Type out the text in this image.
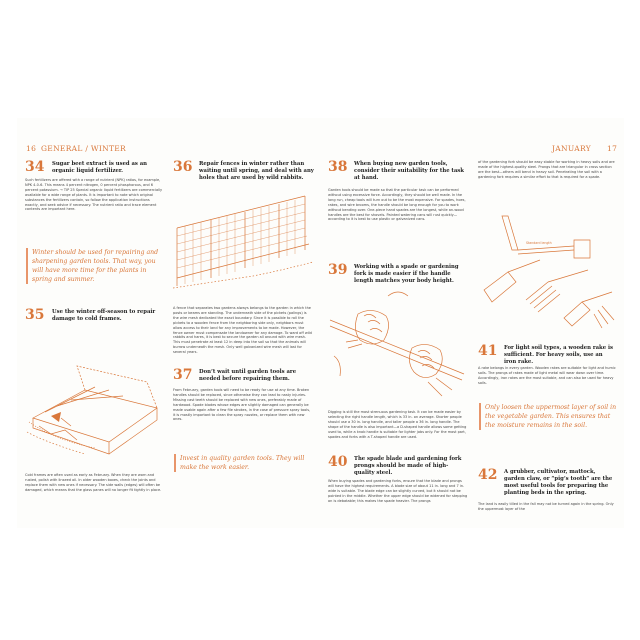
16 GENERAL / WINTER
34 Sugar beet extract is used as an organic liquid fertilizer.

Such fertilizers are offered with a range of nutrient (NPK) ratios, for example, NPK 4-0-6. This means 4 percent nitrogen, 0 percent phosphorous, and 6 percent potassium. → TIP 25 Special organic liquid fertilizers are commercially available for a wide range of plants. It is important to note which original substances the fertilizers contain, so follow the application instructions exactly, and seek advice if necessary. The nutrient ratio and trace element contents are important here.

Winter should be used for repairing and sharpening garden tools. That way, you will have more time for the plants in spring and summer.
35 Use the winter off-season to repair damage to cold frames.

Cold frames are often used as early as February. When they are worn and rusted, polish with linseed oil. In older wooden boxes, check the joints and replace them with new ones if necessary. The side walls (edges) will often be damaged, which means that the glass panes will no longer fit tightly in place.

36 Repair fences in winter rather than waiting until spring, and deal with any holes that are used by wild rabbits.

A fence that separates two gardens always belongs to the garden in which the posts or beams are standing. The underneath side of the pickets (palings) is the wire mesh dedicated the exact boundary. Since it is possible to roll the pickets to a wooden fence from the neighboring side only, neighbors must allow access to their land for any improvements to be made. However, the fence owner must compensate the landowner for any damage. To ward off wild rabbits and hares, it is best to secure the garden all around with wire mesh. This must penetrate at least 12 in deep into the soil so that the animals will burrow underneath the mesh. Only well galvanized wire mesh will last for several years.

37 Don’t wait until garden tools are needed before repairing them.

From February, garden tools will need to be ready for use at any time. Broken handles should be replaced, since otherwise they can lead to nasty injuries. Missing cast teeth should be replaced with new ones, preferably made of hardwood. Spade blades whose edges are slightly damaged can generally be made usable again after a few file strokes, in the case of pressure spray tools, it is mostly important to clean the spray nozzles, or replace them with new ones.

Invest in quality garden tools. They will make the work easier.
JANUARY 17
38 When buying new garden tools, consider their suitability for the task at hand.

Garden tools should be made so that the particular task can be performed without using excessive force. Accordingly, they should be well made. In the long run, cheap tools will turn out to be the most expensive. For spades, hoes, rakes, and wire brooms, the handle should be long enough for you to work without bending over. One-piece hand spades are the longest, while an-wood handles are the best for shovels. Painted watering cans will rust quickly—according to it is best to use plastic or galvanized cans.

39 Working with a spade or gardening fork is made easier if the handle length matches your body height.

Digging is still the most strenuous gardening task. It can be made easier by selecting the right handle length, which is 33 in. on average. Shorter people should use a 30 in. long handle, and taller people a 36 in. long handle. The shape of the handle is also important—a D-shaped handle allows some getting used to, while a knob handle is suitable for lighter jobs only. For the most part, spades and forks with a T-shaped handle are used.

40 The spade blade and gardening fork prongs should be made of high-quality steel.

When buying spades and gardening forks, ensure that the blade and prongs will have the highest requirements. A blade size of about 11 in. long and 7 in. wide is suitable. The blade edge can be slightly curved, but it should not be pointed in the middle. Whether the upper edge should be widened for stepping on is debatable; this makes the spade heavier. The prongs

of the gardening fork should be easy stable for working in heavy soils and are made of the highest-quality steel. Prongs that are triangular in cross section are the best—others will bend in heavy soil. Penetrating the soil with a gardening fork requires a similar effort to that is required for a spade.

Standard length
41 For light soil types, a wooden rake is sufficient. For heavy soils, use an iron rake.

A rake belongs in every garden. Wooden rakes are suitable for light and humic soils. The prongs of rakes made of light metal will wear down over time. Accordingly, iron rakes are the most suitable, and can also be used for heavy soils.

Only loosen the uppermost layer of soil in the vegetable garden. This ensures that the moisture remains in the soil.
42 A grubber, cultivator, mattock, garden claw, or “pig’s tooth” are the most useful tools for preparing the planting beds in the spring.

The land is easily tilled in the fall may not be turned again in the spring. Only the uppermost layer of the
